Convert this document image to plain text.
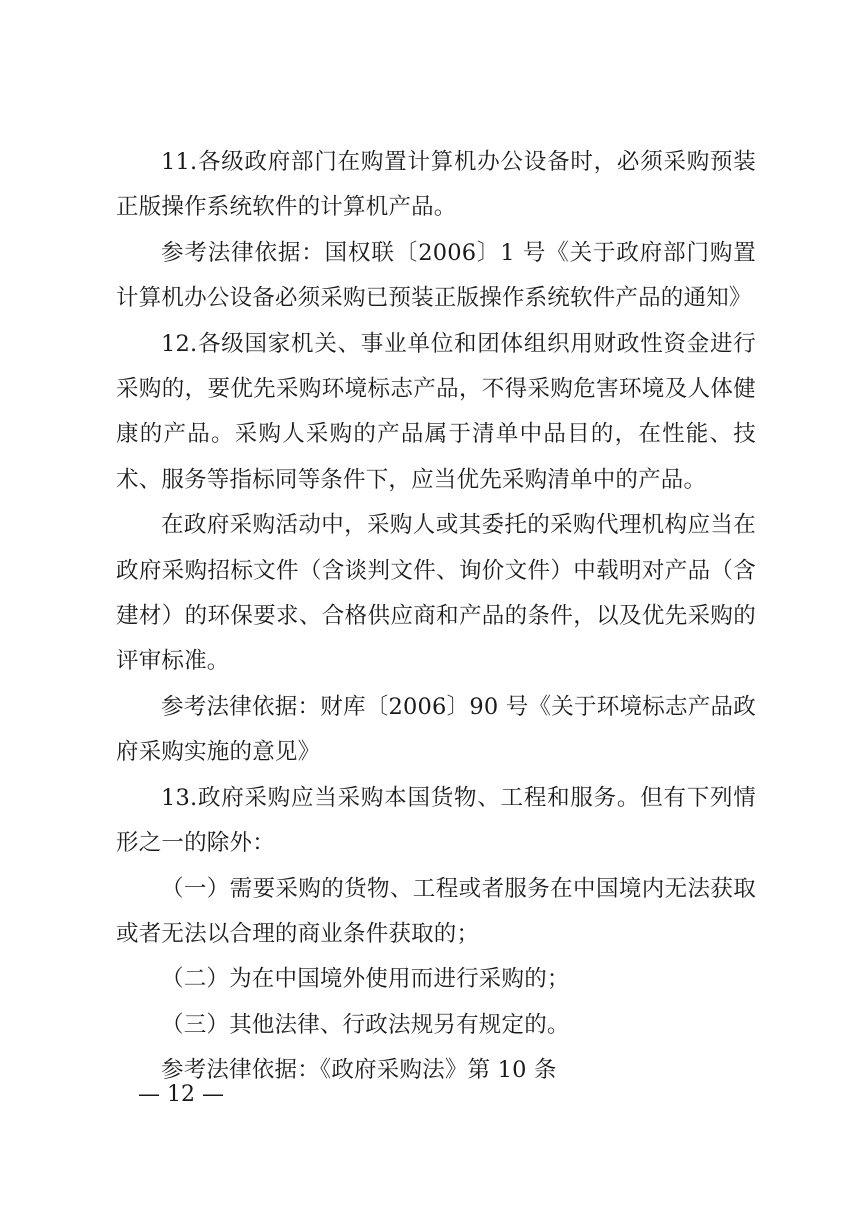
11.各级政府部门在购置计算机办公设备时，必须采购预装正版操作系统软件的计算机产品。

参考法律依据：国权联〔2006〕1 号《关于政府部门购置计算机办公设备必须采购已预装正版操作系统软件产品的通知》

12.各级国家机关、事业单位和团体组织用财政性资金进行采购的，要优先采购环境标志产品，不得采购危害环境及人体健康的产品。采购人采购的产品属于清单中品目的，在性能、技术、服务等指标同等条件下，应当优先采购清单中的产品。

在政府采购活动中，采购人或其委托的采购代理机构应当在政府采购招标文件（含谈判文件、询价文件）中载明对产品（含建材）的环保要求、合格供应商和产品的条件，以及优先采购的评审标准。

参考法律依据：财库〔2006〕90 号《关于环境标志产品政府采购实施的意见》

13.政府采购应当采购本国货物、工程和服务。但有下列情形之一的除外：

（一）需要采购的货物、工程或者服务在中国境内无法获取或者无法以合理的商业条件获取的；

（二）为在中国境外使用而进行采购的；

（三）其他法律、行政法规另有规定的。

参考法律依据：《政府采购法》第 10 条

— 12 —
